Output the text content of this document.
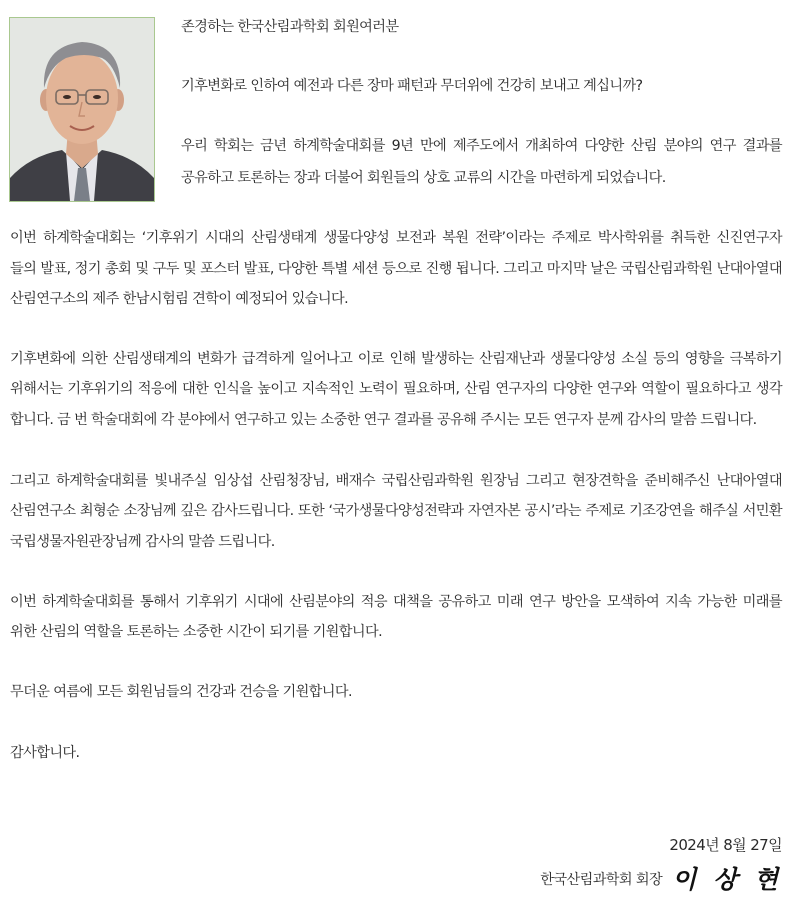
존경하는 한국산림과학회 회원여러분
기후변화로 인하여 예전과 다른 장마 패턴과 무더위에 건강히 보내고 계십니까?
우리 학회는 금년 하계학술대회를 9년 만에 제주도에서 개최하여 다양한 산림 분야의 연구 결과를
공유하고 토론하는 장과 더불어 회원들의 상호 교류의 시간을 마련하게 되었습니다.
이번 하계학술대회는 ‘기후위기 시대의 산림생태계 생물다양성 보전과 복원 전략’이라는 주제로 박사학위를 취득한 신진연구자
들의 발표, 정기 총회 및 구두 및 포스터 발표, 다양한 특별 세션 등으로 진행 됩니다. 그리고 마지막 날은 국립산림과학원 난대아열대
산림연구소의 제주 한남시험림 견학이 예정되어 있습니다.
기후변화에 의한 산림생태계의 변화가 급격하게 일어나고 이로 인해 발생하는 산림재난과 생물다양성 소실 등의 영향을 극복하기
위해서는 기후위기의 적응에 대한 인식을 높이고 지속적인 노력이 필요하며, 산림 연구자의 다양한 연구와 역할이 필요하다고 생각
합니다. 금 번 학술대회에 각 분야에서 연구하고 있는 소중한 연구 결과를 공유해 주시는 모든 연구자 분께 감사의 말씀 드립니다.
그리고 하계학술대회를 빛내주실 임상섭 산림청장님, 배재수 국립산림과학원 원장님 그리고 현장견학을 준비해주신 난대아열대
산림연구소 최형순 소장님께 깊은 감사드립니다. 또한 ‘국가생물다양성전략과 자연자본 공시’라는 주제로 기조강연을 해주실 서민환
국립생물자원관장님께 감사의 말씀 드립니다.
이번 하계학술대회를 통해서 기후위기 시대에 산림분야의 적응 대책을 공유하고 미래 연구 방안을 모색하여 지속 가능한 미래를
위한 산림의 역할을 토론하는 소중한 시간이 되기를 기원합니다.
무더운 여름에 모든 회원님들의 건강과 건승을 기원합니다.
감사합니다.
2024년 8월 27일
한국산림과학회 회장 이 상 현
